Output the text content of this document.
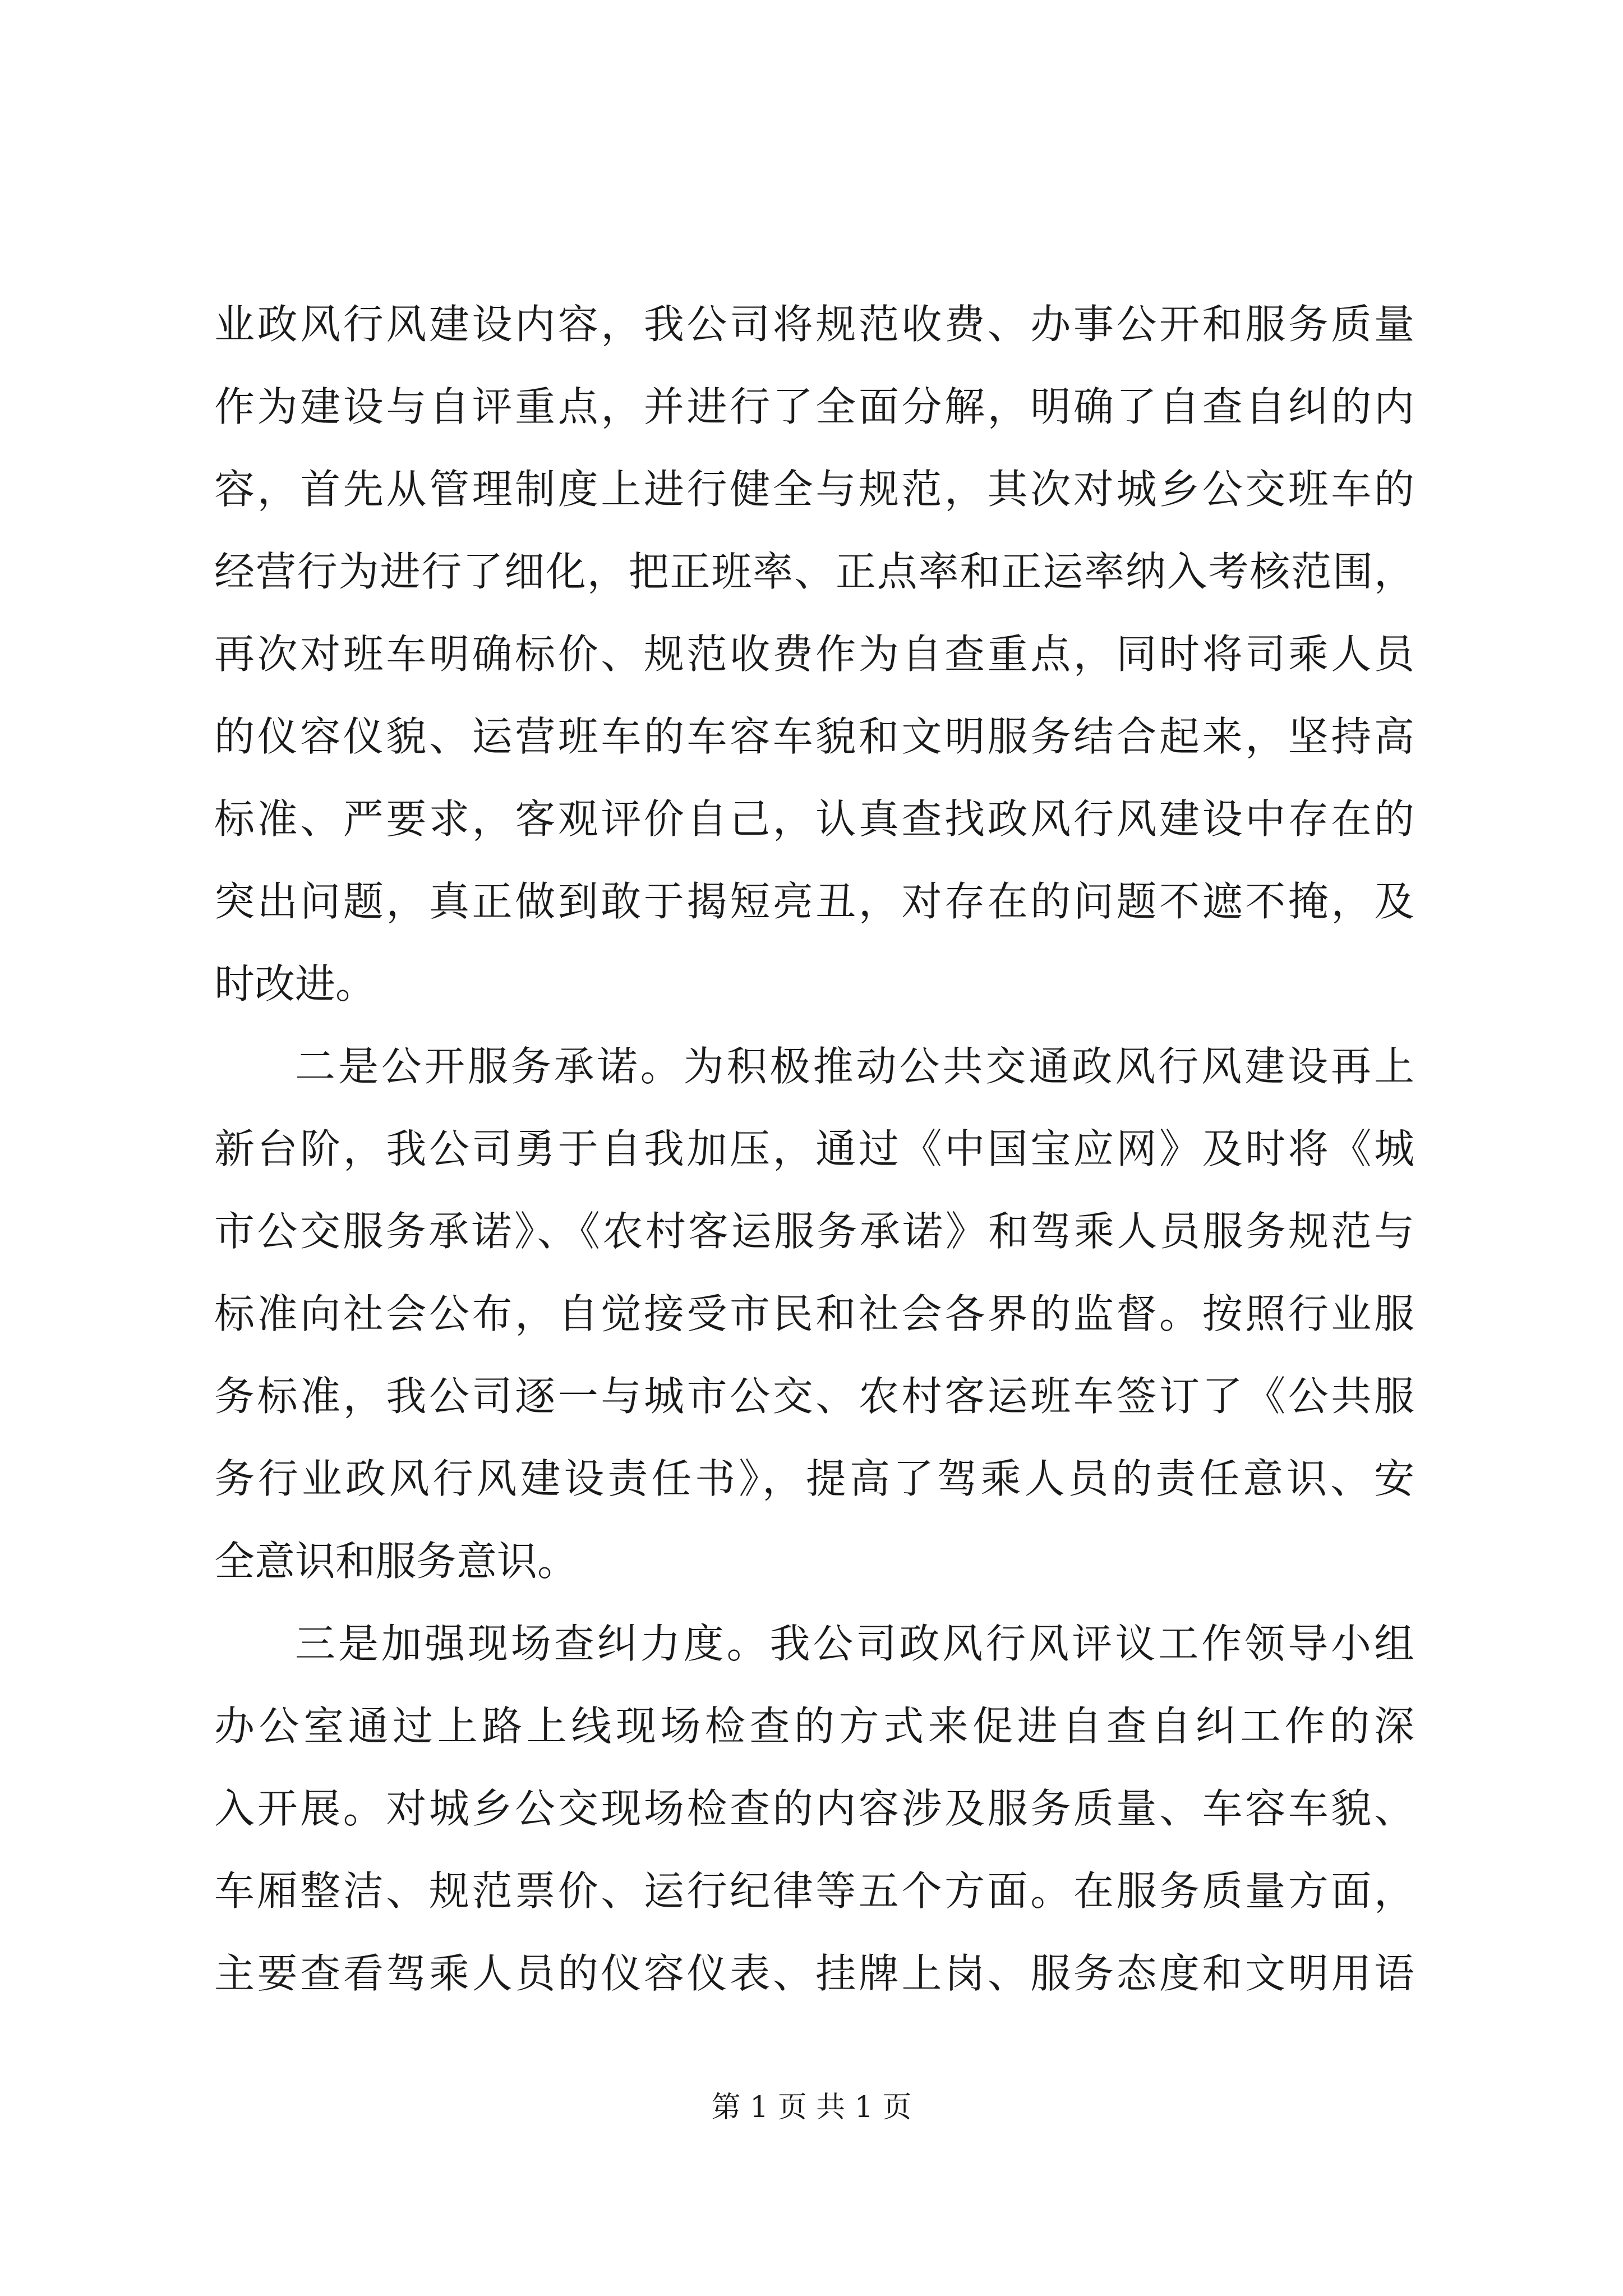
业政风行风建设内容，我公司将规范收费、办事公开和服务质量
作为建设与自评重点，并进行了全面分解，明确了自查自纠的内
容，首先从管理制度上进行健全与规范，其次对城乡公交班车的
经营行为进行了细化，把正班率、正点率和正运率纳入考核范围，
再次对班车明确标价、规范收费作为自查重点，同时将司乘人员
的仪容仪貌、运营班车的车容车貌和文明服务结合起来，坚持高
标准、严要求，客观评价自己，认真查找政风行风建设中存在的
突出问题，真正做到敢于揭短亮丑，对存在的问题不遮不掩，及
时改进。
二是公开服务承诺。为积极推动公共交通政风行风建设再上
新台阶，我公司勇于自我加压，通过《中国宝应网》及时将《城
市公交服务承诺》、《农村客运服务承诺》和驾乘人员服务规范与
标准向社会公布，自觉接受市民和社会各界的监督。按照行业服
务标准，我公司逐一与城市公交、农村客运班车签订了《公共服
务行业政风行风建设责任书》，提高了驾乘人员的责任意识、安
全意识和服务意识。
三是加强现场查纠力度。我公司政风行风评议工作领导小组
办公室通过上路上线现场检查的方式来促进自查自纠工作的深
入开展。对城乡公交现场检查的内容涉及服务质量、车容车貌、
车厢整洁、规范票价、运行纪律等五个方面。在服务质量方面，
主要查看驾乘人员的仪容仪表、挂牌上岗、服务态度和文明用语
第 1 页 共 1 页
